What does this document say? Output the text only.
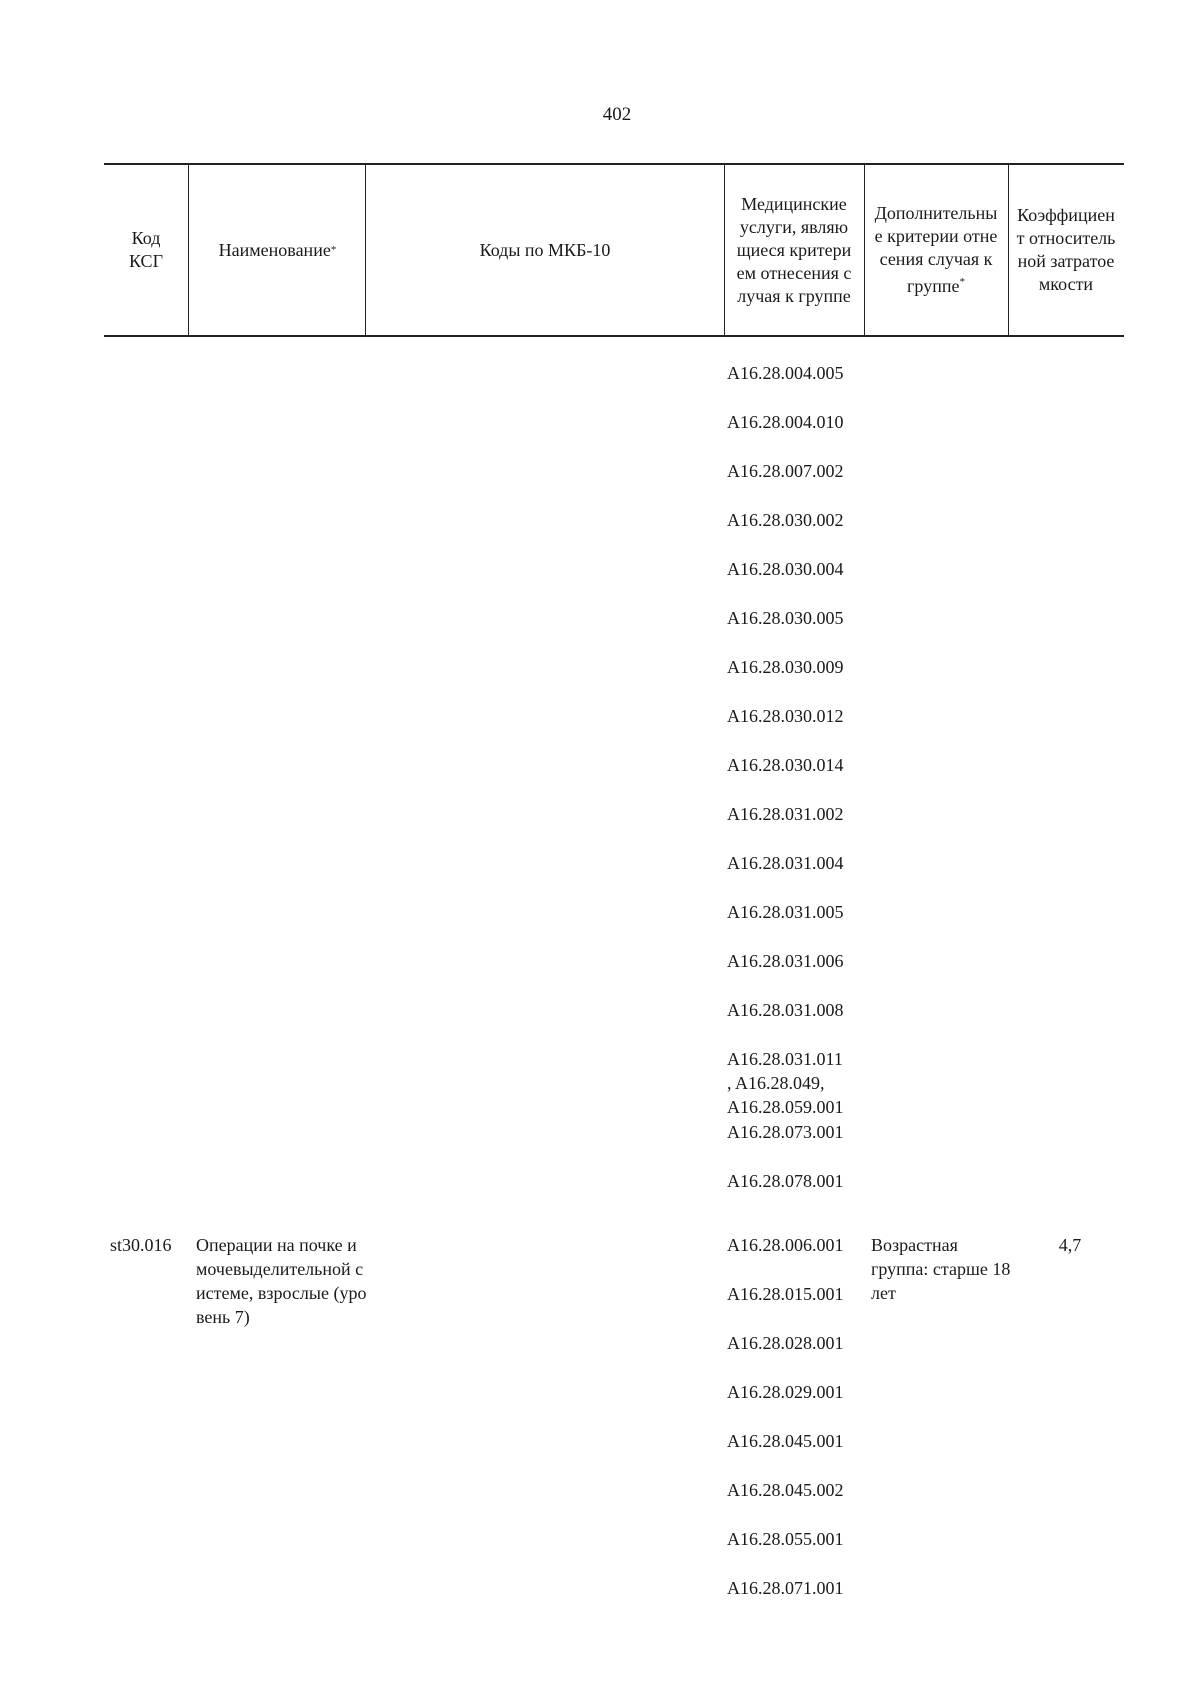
402
Код КСГ
Наименование *	Коды по МКБ-10
Медицинские услуги, являющиеся критерием отнесения случая к группе
Дополнительные критерии отнесения случая к группе*
Коэффициент относительной затратоемкости
A16.28.004.005
A16.28.004.010
A16.28.007.002
A16.28.030.002
A16.28.030.004
A16.28.030.005
A16.28.030.009
A16.28.030.012
A16.28.030.014
A16.28.031.002
A16.28.031.004
A16.28.031.005
A16.28.031.006
A16.28.031.008
A16.28.031.011
, A16.28.049,
A16.28.059.001
A16.28.073.001
A16.28.078.001
st30.016	Операции на почке и мочевыделительной системе, взрослые (уровень 7)
A16.28.006.001
A16.28.015.001
A16.28.028.001
A16.28.029.001
A16.28.045.001
A16.28.045.002
A16.28.055.001
A16.28.071.001
Возрастная группа: старше 18 лет
4,7
